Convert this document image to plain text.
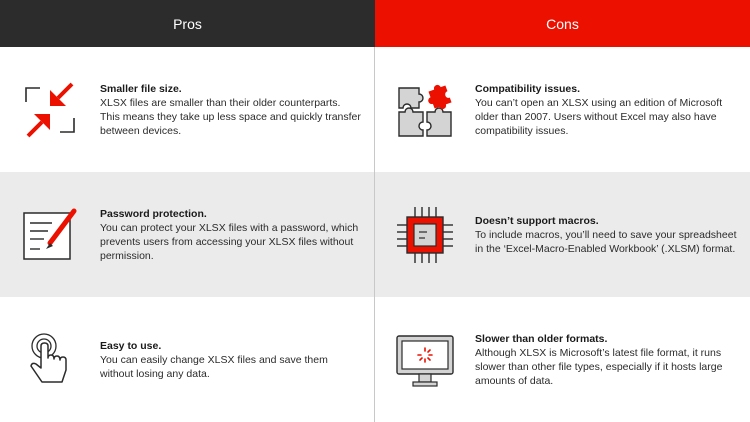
Pros	Cons
Smaller file size.
XLSX files are smaller than their older counterparts. This means they take up less space and quickly transfer between devices.
Compatibility issues.
You can’t open an XLSX using an edition of Microsoft older than 2007. Users without Excel may also have compatibility issues.
Password protection.
You can protect your XLSX files with a password, which prevents users from accessing your XLSX files without permission.
Doesn’t support macros.
To include macros, you’ll need to save your spreadsheet in the ‘Excel-Macro-Enabled Workbook’ (.XLSM) format.
Easy to use.
You can easily change XLSX files and save them without losing any data.
Slower than older formats.
Although XLSX is Microsoft’s latest file format, it runs slower than other file types, especially if it hosts large amounts of data.
